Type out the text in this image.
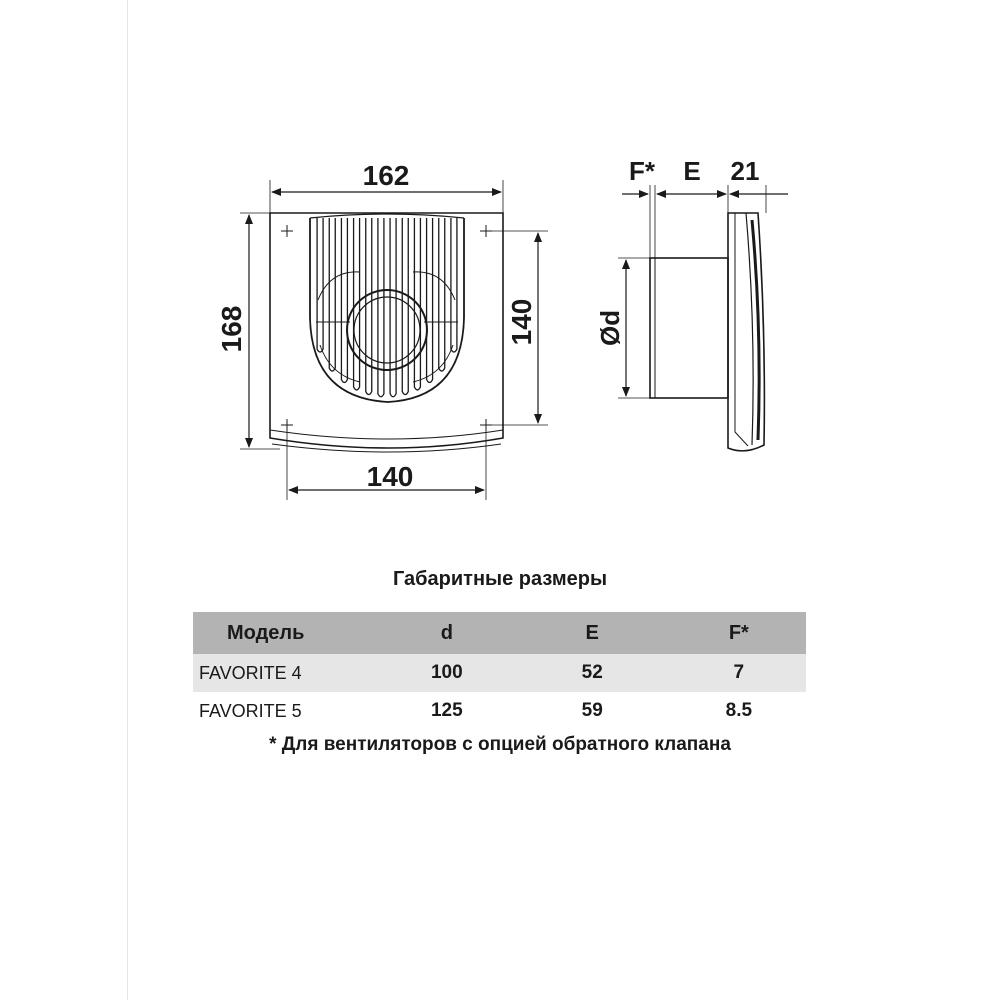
162
168	140
140
F* E 21
Ød
Габаритные размеры
Модель	d	E	F*
FAVORITE 4	100	52	7
FAVORITE 5	125	59	8.5
* Для вентиляторов с опцией обратного клапана
